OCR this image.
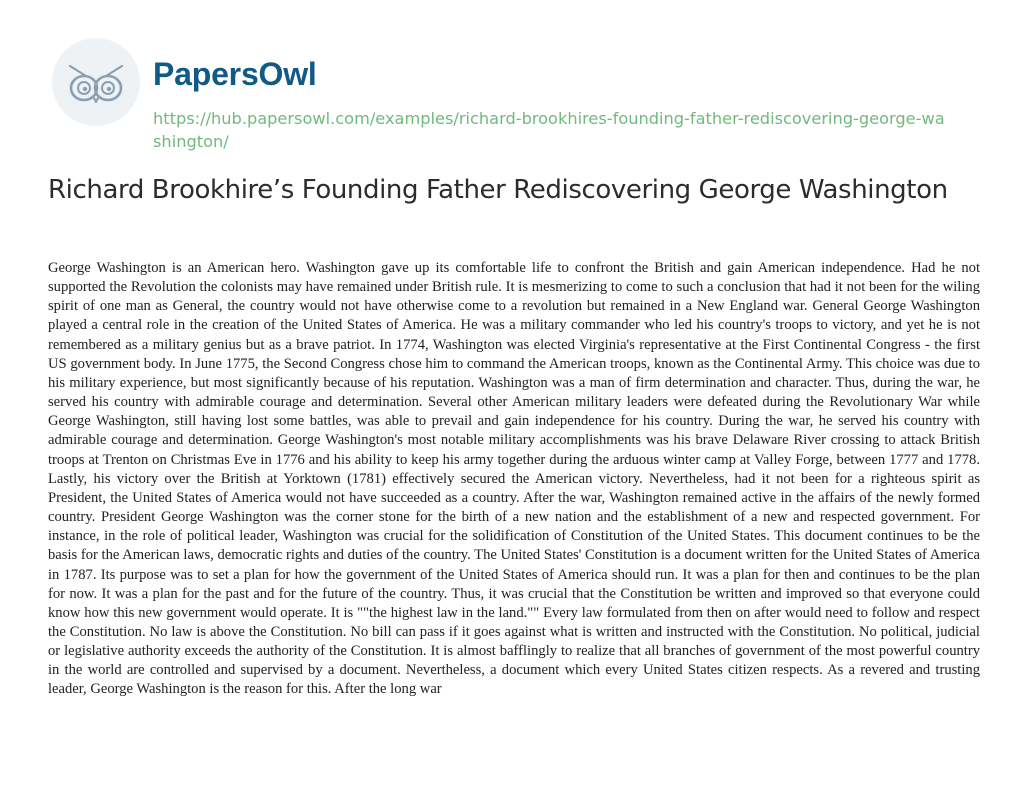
PapersOwl
https://hub.papersowl.com/examples/richard-brookhires-founding-father-rediscovering-george-washington/
Richard Brookhire’s Founding Father Rediscovering George Washington

George Washington is an American hero. Washington gave up its comfortable life to confront the British and gain American independence. Had he not supported the Revolution the colonists may have remained under British rule. It is mesmerizing to come to such a conclusion that had it not been for the wiling spirit of one man as General, the country would not have otherwise come to a revolution but remained in a New England war. General George Washington played a central role in the creation of the United States of America. He was a military commander who led his country's troops to victory, and yet he is not remembered as a military genius but as a brave patriot. In 1774, Washington was elected Virginia's representative at the First Continental Congress - the first US government body. In June 1775, the Second Congress chose him to command the American troops, known as the Continental Army. This choice was due to his military experience, but most significantly because of his reputation. Washington was a man of firm determination and character. Thus, during the war, he served his country with admirable courage and determination. Several other American military leaders were defeated during the Revolutionary War while George Washington, still having lost some battles, was able to prevail and gain independence for his country. During the war, he served his country with admirable courage and determination. George Washington's most notable military accomplishments was his brave Delaware River crossing to attack British troops at Trenton on Christmas Eve in 1776 and his ability to keep his army together during the arduous winter camp at Valley Forge, between 1777 and 1778. Lastly, his victory over the British at Yorktown (1781) effectively secured the American victory. Nevertheless, had it not been for a righteous spirit as President, the United States of America would not have succeeded as a country. After the war, Washington remained active in the affairs of the newly formed country. President George Washington was the corner stone for the birth of a new nation and the establishment of a new and respected government. For instance, in the role of political leader, Washington was crucial for the solidification of Constitution of the United States. This document continues to be the basis for the American laws, democratic rights and duties of the country. The United States' Constitution is a document written for the United States of America in 1787. Its purpose was to set a plan for how the government of the United States of America should run. It was a plan for then and continues to be the plan for now. It was a plan for the past and for the future of the country. Thus, it was crucial that the Constitution be written and improved so that everyone could know how this new government would operate. It is ""the highest law in the land."" Every law formulated from then on after would need to follow and respect the Constitution. No law is above the Constitution. No bill can pass if it goes against what is written and instructed with the Constitution. No political, judicial or legislative authority exceeds the authority of the Constitution. It is almost bafflingly to realize that all branches of government of the most powerful country in the world are controlled and supervised by a document. Nevertheless, a document which every United States citizen respects. As a revered and trusting leader, George Washington is the reason for this. After the long war
